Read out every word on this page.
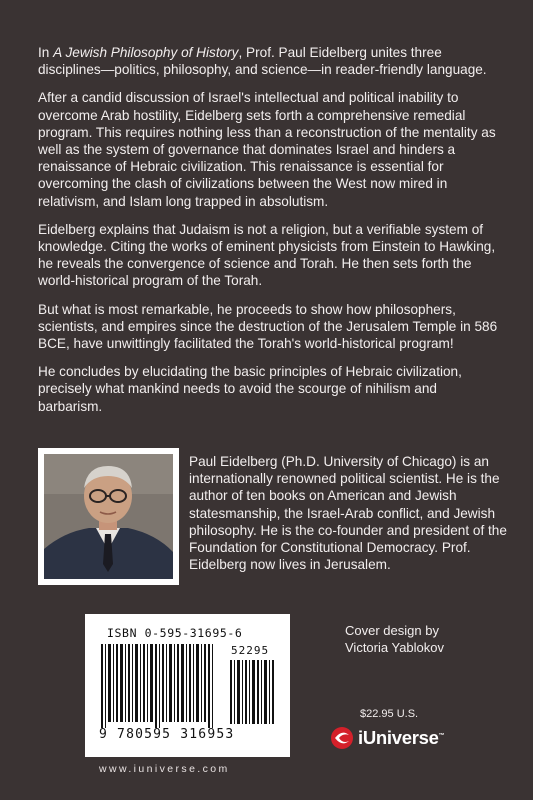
In A Jewish Philosophy of History, Prof. Paul Eidelberg unites three disciplines—politics, philosophy, and science—in reader-friendly language.

After a candid discussion of Israel's intellectual and political inability to overcome Arab hostility, Eidelberg sets forth a comprehensive remedial program. This requires nothing less than a reconstruction of the mentality as well as the system of governance that dominates Israel and hinders a renaissance of Hebraic civilization. This renaissance is essential for overcoming the clash of civilizations between the West now mired in relativism, and Islam long trapped in absolutism.

Eidelberg explains that Judaism is not a religion, but a verifiable system of knowledge. Citing the works of eminent physicists from Einstein to Hawking, he reveals the convergence of science and Torah. He then sets forth the world-historical program of the Torah.

But what is most remarkable, he proceeds to show how philosophers, scientists, and empires since the destruction of the Jerusalem Temple in 586 BCE, have unwittingly facilitated the Torah's world-historical program!

He concludes by elucidating the basic principles of Hebraic civilization, precisely what mankind needs to avoid the scourge of nihilism and barbarism.

Paul Eidelberg (Ph.D. University of Chicago) is an internationally renowned political scientist. He is the author of ten books on American and Jewish statesmanship, the Israel-Arab conflict, and Jewish philosophy. He is the co-founder and president of the Foundation for Constitutional Democracy. Prof. Eidelberg now lives in Jerusalem.
ISBN 0-595-31695-6
52295
9 780595 316953
www.iuniverse.com
Cover design by
Victoria Yablokov
$22.95 U.S.
iUniverse™
